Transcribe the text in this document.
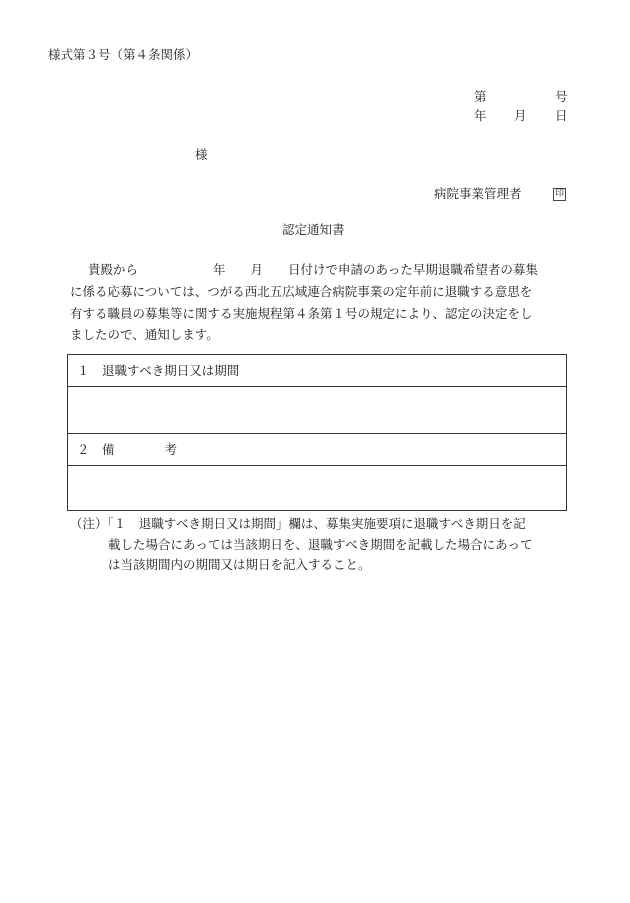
様式第３号（第４条関係）
第	号
年 月 日
様
病院事業管理者	印
認定通知書
貴殿から　　　　　　年　　月　　日付けで申請のあった早期退職希望者の募集
に係る応募については、つがる西北五広域連合病院事業の定年前に退職する意思を
有する職員の募集等に関する実施規程第４条第１号の規定により、認定の決定をし
ましたので、通知します。
１　退職すべき期日又は期間
２　備　　　　考
（注）「１　退職すべき期日又は期間」欄は、募集実施要項に退職すべき期日を記
載した場合にあっては当該期日を、退職すべき期間を記載した場合にあって
は当該期間内の期間又は期日を記入すること。
